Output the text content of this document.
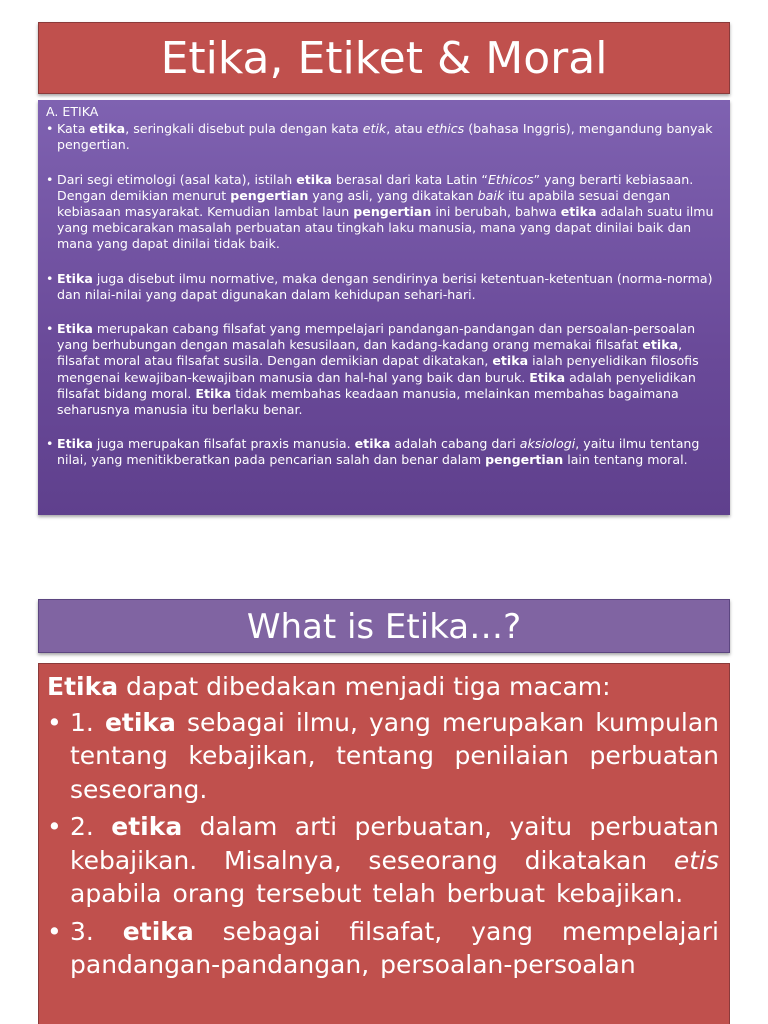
Etika, Etiket & Moral
A. ETIKA
• Kata etika, seringkali disebut pula dengan kata etik, atau ethics (bahasa Inggris), mengandung banyak pengertian.
• Dari segi etimologi (asal kata), istilah etika berasal dari kata Latin “Ethicos” yang berarti kebiasaan. Dengan demikian menurut pengertian yang asli, yang dikatakan baik itu apabila sesuai dengan kebiasaan masyarakat. Kemudian lambat laun pengertian ini berubah, bahwa etika adalah suatu ilmu yang mebicarakan masalah perbuatan atau tingkah laku manusia, mana yang dapat dinilai baik dan mana yang dapat dinilai tidak baik.
• Etika juga disebut ilmu normative, maka dengan sendirinya berisi ketentuan-ketentuan (norma-norma) dan nilai-nilai yang dapat digunakan dalam kehidupan sehari-hari.
• Etika merupakan cabang filsafat yang mempelajari pandangan-pandangan dan persoalan-persoalan yang berhubungan dengan masalah kesusilaan, dan kadang-kadang orang memakai filsafat etika, filsafat moral atau filsafat susila. Dengan demikian dapat dikatakan, etika ialah penyelidikan filosofis mengenai kewajiban-kewajiban manusia dan hal-hal yang baik dan buruk. Etika adalah penyelidikan filsafat bidang moral. Etika tidak membahas keadaan manusia, melainkan membahas bagaimana seharusnya manusia itu berlaku benar.
• Etika juga merupakan filsafat praxis manusia. etika adalah cabang dari aksiologi, yaitu ilmu tentang nilai, yang menitikberatkan pada pencarian salah dan benar dalam pengertian lain tentang moral.
What is Etika…?
Etika dapat dibedakan menjadi tiga macam:
• 1. etika sebagai ilmu, yang merupakan kumpulan tentang kebajikan, tentang penilaian perbuatan seseorang.
• 2. etika dalam arti perbuatan, yaitu perbuatan kebajikan. Misalnya, seseorang dikatakan etis apabila orang tersebut telah berbuat kebajikan.
• 3. etika sebagai filsafat, yang mempelajari pandangan-pandangan, persoalan-persoalan
